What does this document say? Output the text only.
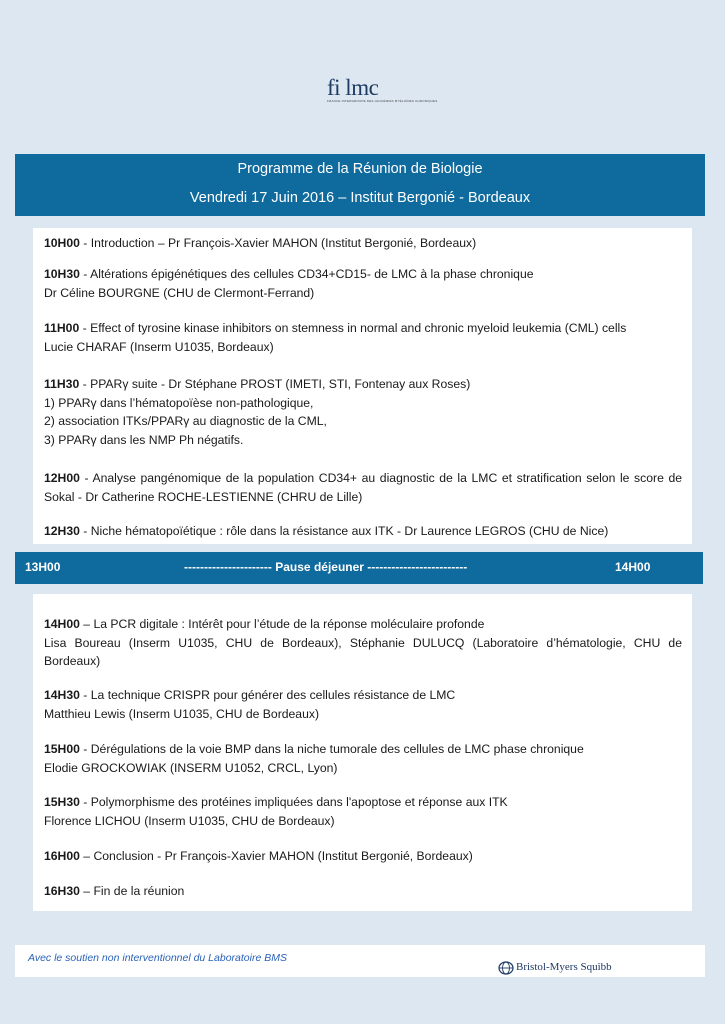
fi lmc
FRANCE INTERGROUPE DES LEUCÉMIES MYÉLOÏDES CHRONIQUES
Programme de la Réunion de Biologie
Vendredi 17 Juin 2016 – Institut Bergonié - Bordeaux
10H00 - Introduction – Pr François-Xavier MAHON (Institut Bergonié, Bordeaux)
10H30 - Altérations épigénétiques des cellules CD34+CD15- de LMC à la phase chronique
Dr Céline BOURGNE (CHU de Clermont-Ferrand)
11H00 - Effect of tyrosine kinase inhibitors on stemness in normal and chronic myeloid leukemia (CML) cells
Lucie CHARAF (Inserm U1035, Bordeaux)
11H30 - PPARγ suite - Dr Stéphane PROST (IMETI, STI, Fontenay aux Roses)
1) PPARγ dans l’hématopoïèse non-pathologique,
2) association ITKs/PPARγ au diagnostic de la CML,
3) PPARγ dans les NMP Ph négatifs.
12H00 - Analyse pangénomique de la population CD34+ au diagnostic de la LMC et stratification selon le score de Sokal - Dr Catherine ROCHE-LESTIENNE (CHRU de Lille)
12H30 - Niche hématopoïétique : rôle dans la résistance aux ITK - Dr Laurence LEGROS (CHU de Nice)
13H00	---------------------- Pause déjeuner -------------------------	14H00
14H00 – La PCR digitale : Intérêt pour l’étude de la réponse moléculaire profonde
Lisa Boureau (Inserm U1035, CHU de Bordeaux), Stéphanie DULUCQ (Laboratoire d’hématologie, CHU de Bordeaux)
14H30 - La technique CRISPR pour générer des cellules résistance de LMC
Matthieu Lewis (Inserm U1035, CHU de Bordeaux)
15H00 - Dérégulations de la voie BMP dans la niche tumorale des cellules de LMC phase chronique
Elodie GROCKOWIAK (INSERM U1052, CRCL, Lyon)
15H30 - Polymorphisme des protéines impliquées dans l'apoptose et réponse aux ITK
Florence LICHOU (Inserm U1035, CHU de Bordeaux)
16H00 – Conclusion - Pr François-Xavier MAHON (Institut Bergonié, Bordeaux)
16H30 – Fin de la réunion
Avec le soutien non interventionnel du Laboratoire BMS
Bristol-Myers Squibb
